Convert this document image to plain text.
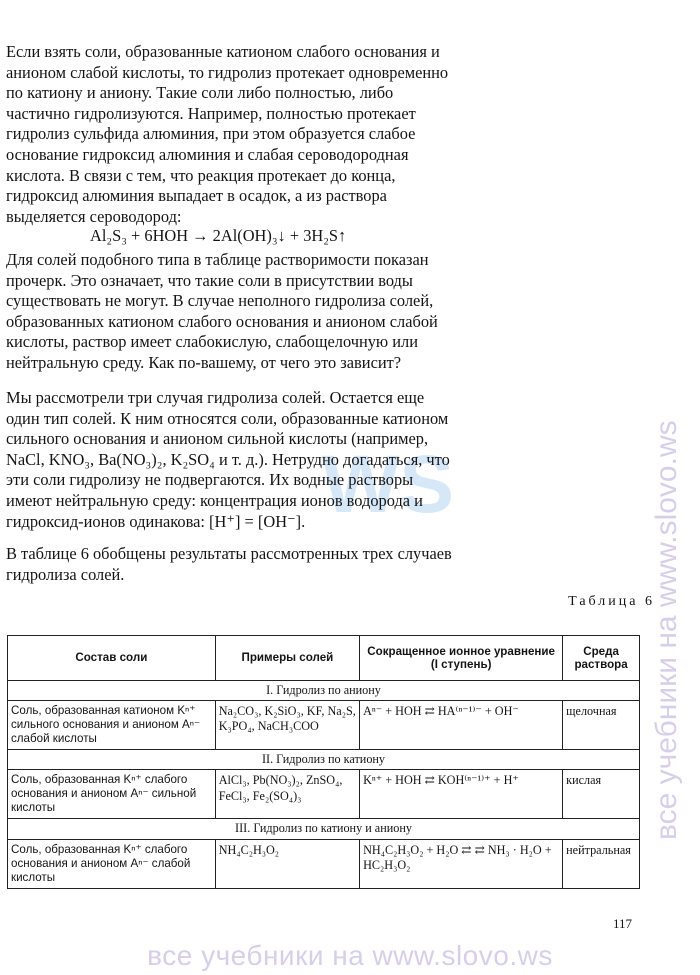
WS	все учебники на www.slovo.ws
Если взять соли, образованные катионом слабого основания и анионом слабой кислоты, то гидролиз протекает одновременно по катиону и аниону. Такие соли либо полностью, либо частично гидролизуются. Например, полностью протекает гидролиз сульфида алюминия, при этом образуется слабое основание гидроксид алюминия и слабая сероводородная кислота. В связи с тем, что реакция протекает до конца, гидроксид алюминия выпадает в осадок, а из раствора выделяется сероводород:
Al₂S₃ + 6HOH → 2Al(OH)₃↓ + 3H₂S↑
Для солей подобного типа в таблице растворимости показан прочерк. Это означает, что такие соли в присутствии воды существовать не могут. В случае неполного гидролиза солей, образованных катионом слабого основания и анионом слабой кислоты, раствор имеет слабокислую, слабощелочную или нейтральную среду. Как по-вашему, от чего это зависит?
Мы рассмотрели три случая гидролиза солей. Остается еще один тип солей. К ним относятся соли, образованные катионом сильного основания и анионом сильной кислоты (например, NaCl, KNO₃, Ba(NO₃)₂, K₂SO₄ и т. д.). Нетрудно догадаться, что эти соли гидролизу не подвергаются. Их водные растворы имеют нейтральную среду: концентрация ионов водорода и гидроксид-ионов одинакова: [H⁺] = [OH⁻].
В таблице 6 обобщены результаты рассмотренных трех случаев гидролиза солей.
Таблица 6
Состав соли	Примеры солей	Сокращенное ионное уравнение (I ступень)	Среда раствора
I. Гидролиз по аниону			
Соль, образованная катионом Kⁿ⁺ сильного основания и анионом Aⁿ⁻ слабой кислоты	Na₂CO₃, K₂SiO₃, KF, Na₂S, K₃PO₄, NaCH₃COO	Aⁿ⁻ + HOH ⇄ HA⁽ⁿ⁻¹⁾⁻ + OH⁻	щелочная
II. Гидролиз по катиону			
Соль, образованная Kⁿ⁺ слабого основания и анионом Aⁿ⁻ сильной кислоты	AlCl₃, Pb(NO₃)₂, ZnSO₄, FeCl₃, Fe₂(SO₄)₃	Kⁿ⁺ + HOH ⇄ KOH⁽ⁿ⁻¹⁾⁺ + H⁺	кислая
III. Гидролиз по катиону и аниону			
Соль, образованная Kⁿ⁺ слабого основания и анионом Aⁿ⁻ слабой кислоты	NH₄C₂H₃O₂	NH₄C₂H₃O₂ + H₂O ⇄ ⇄ NH₃ · H₂O + HC₂H₃O₂	нейтральная
117
все учебники на www.slovo.ws
